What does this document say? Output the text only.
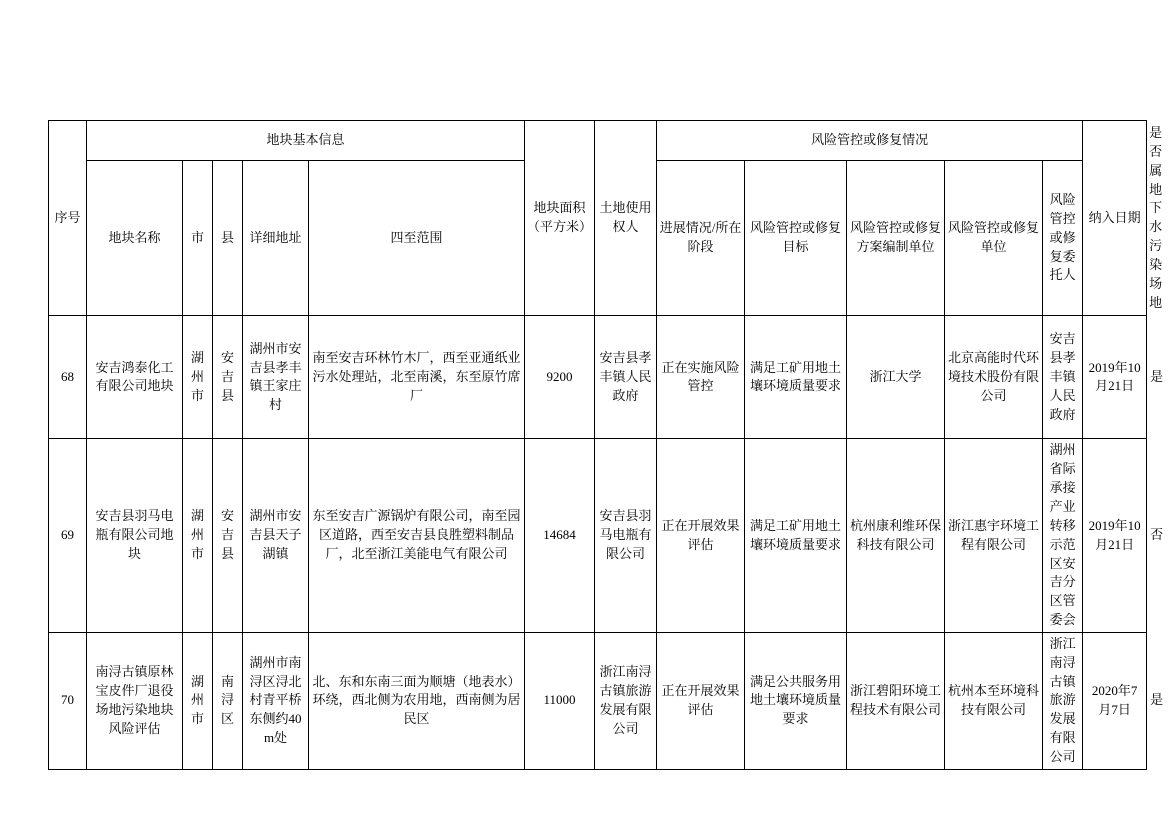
序号	地块基本信息					地块面积（平方米）	土地使用权人	风险管控或修复情况					纳入日期	是否属地下水污染场地
	地块名称	市	县	详细地址	四至范围			进展情况/所在阶段	风险管控或修复目标	风险管控或修复方案编制单位	风险管控或修复单位	风险管控或修复委托人		
68	安吉鸿泰化工有限公司地块	湖州市	安吉县	湖州市安吉县孝丰镇王家庄村	南至安吉环林竹木厂，西至亚通纸业污水处理站，北至南溪，东至原竹席厂	9200	安吉县孝丰镇人民政府	正在实施风险管控	满足工矿用地土壤环境质量要求	浙江大学	北京高能时代环境技术股份有限公司	安吉县孝丰镇人民政府	2019年10月21日	是
69	安吉县羽马电瓶有限公司地块	湖州市	安吉县	湖州市安吉县天子湖镇	东至安吉广源锅炉有限公司，南至园区道路，西至安吉县良胜塑料制品厂，北至浙江美能电气有限公司	14684	安吉县羽马电瓶有限公司	正在开展效果评估	满足工矿用地土壤环境质量要求	杭州康利维环保科技有限公司	浙江惠宇环境工程有限公司	湖州省际承接产业转移示范区安吉分区管委会	2019年10月21日	否
70	南浔古镇原林宝皮件厂退役场地污染地块风险评估	湖州市	南浔区	湖州市南浔区浔北村青平桥东侧约40m处	北、东和东南三面为顺塘（地表水）环绕，西北侧为农用地，西南侧为居民区	11000	浙江南浔古镇旅游发展有限公司	正在开展效果评估	满足公共服务用地土壤环境质量要求	浙江碧阳环境工程技术有限公司	杭州本至环境科技有限公司	浙江南浔古镇旅游发展有限公司	2020年7月7日	是
